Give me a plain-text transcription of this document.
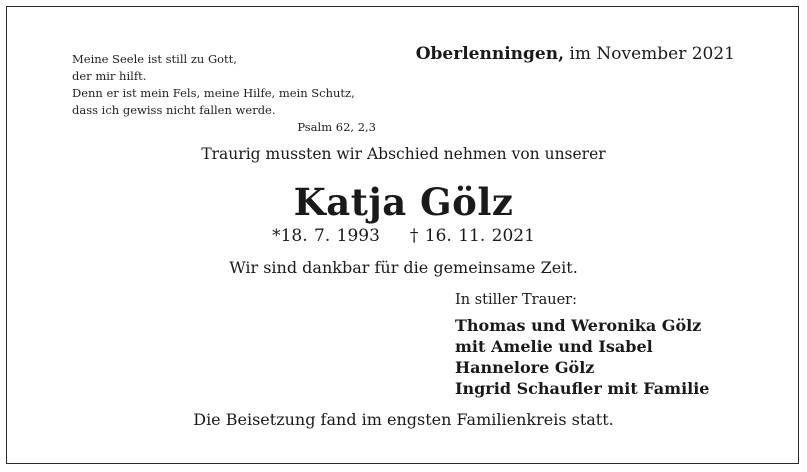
Meine Seele ist still zu Gott,
der mir hilft.
Denn er ist mein Fels, meine Hilfe, mein Schutz,
dass ich gewiss nicht fallen werde.
Psalm 62, 2,3
Oberlenningen, im November 2021
Traurig mussten wir Abschied nehmen von unserer
Katja Gölz
*18. 7. 1993 † 16. 11. 2021
Wir sind dankbar für die gemeinsame Zeit.
In stiller Trauer:
Thomas und Weronika Gölz
mit Amelie und Isabel
Hannelore Gölz
Ingrid Schaufler mit Familie
Die Beisetzung fand im engsten Familienkreis statt.
